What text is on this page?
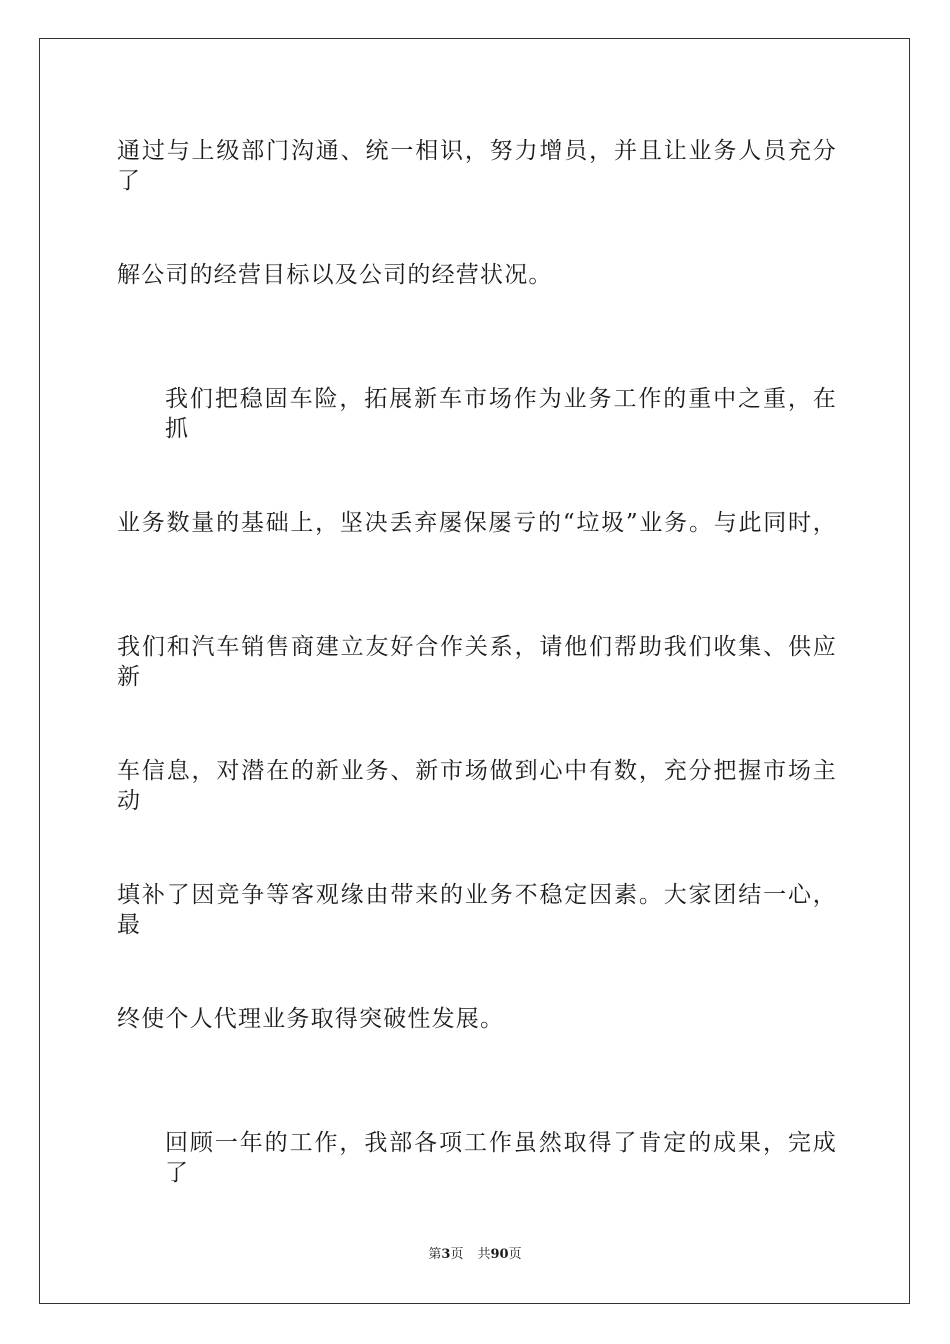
通过与上级部门沟通、统一相识，努力增员，并且让业务人员充分了
解公司的经营目标以及公司的经营状况。
我们把稳固车险，拓展新车市场作为业务工作的重中之重，在抓
业务数量的基础上，坚决丢弃屡保屡亏的“垃圾”业务。与此同时，
我们和汽车销售商建立友好合作关系，请他们帮助我们收集、供应新
车信息，对潜在的新业务、新市场做到心中有数，充分把握市场主动
填补了因竞争等客观缘由带来的业务不稳定因素。大家团结一心，最
终使个人代理业务取得突破性发展。
回顾一年的工作，我部各项工作虽然取得了肯定的成果，完成了
第3页 共90页
